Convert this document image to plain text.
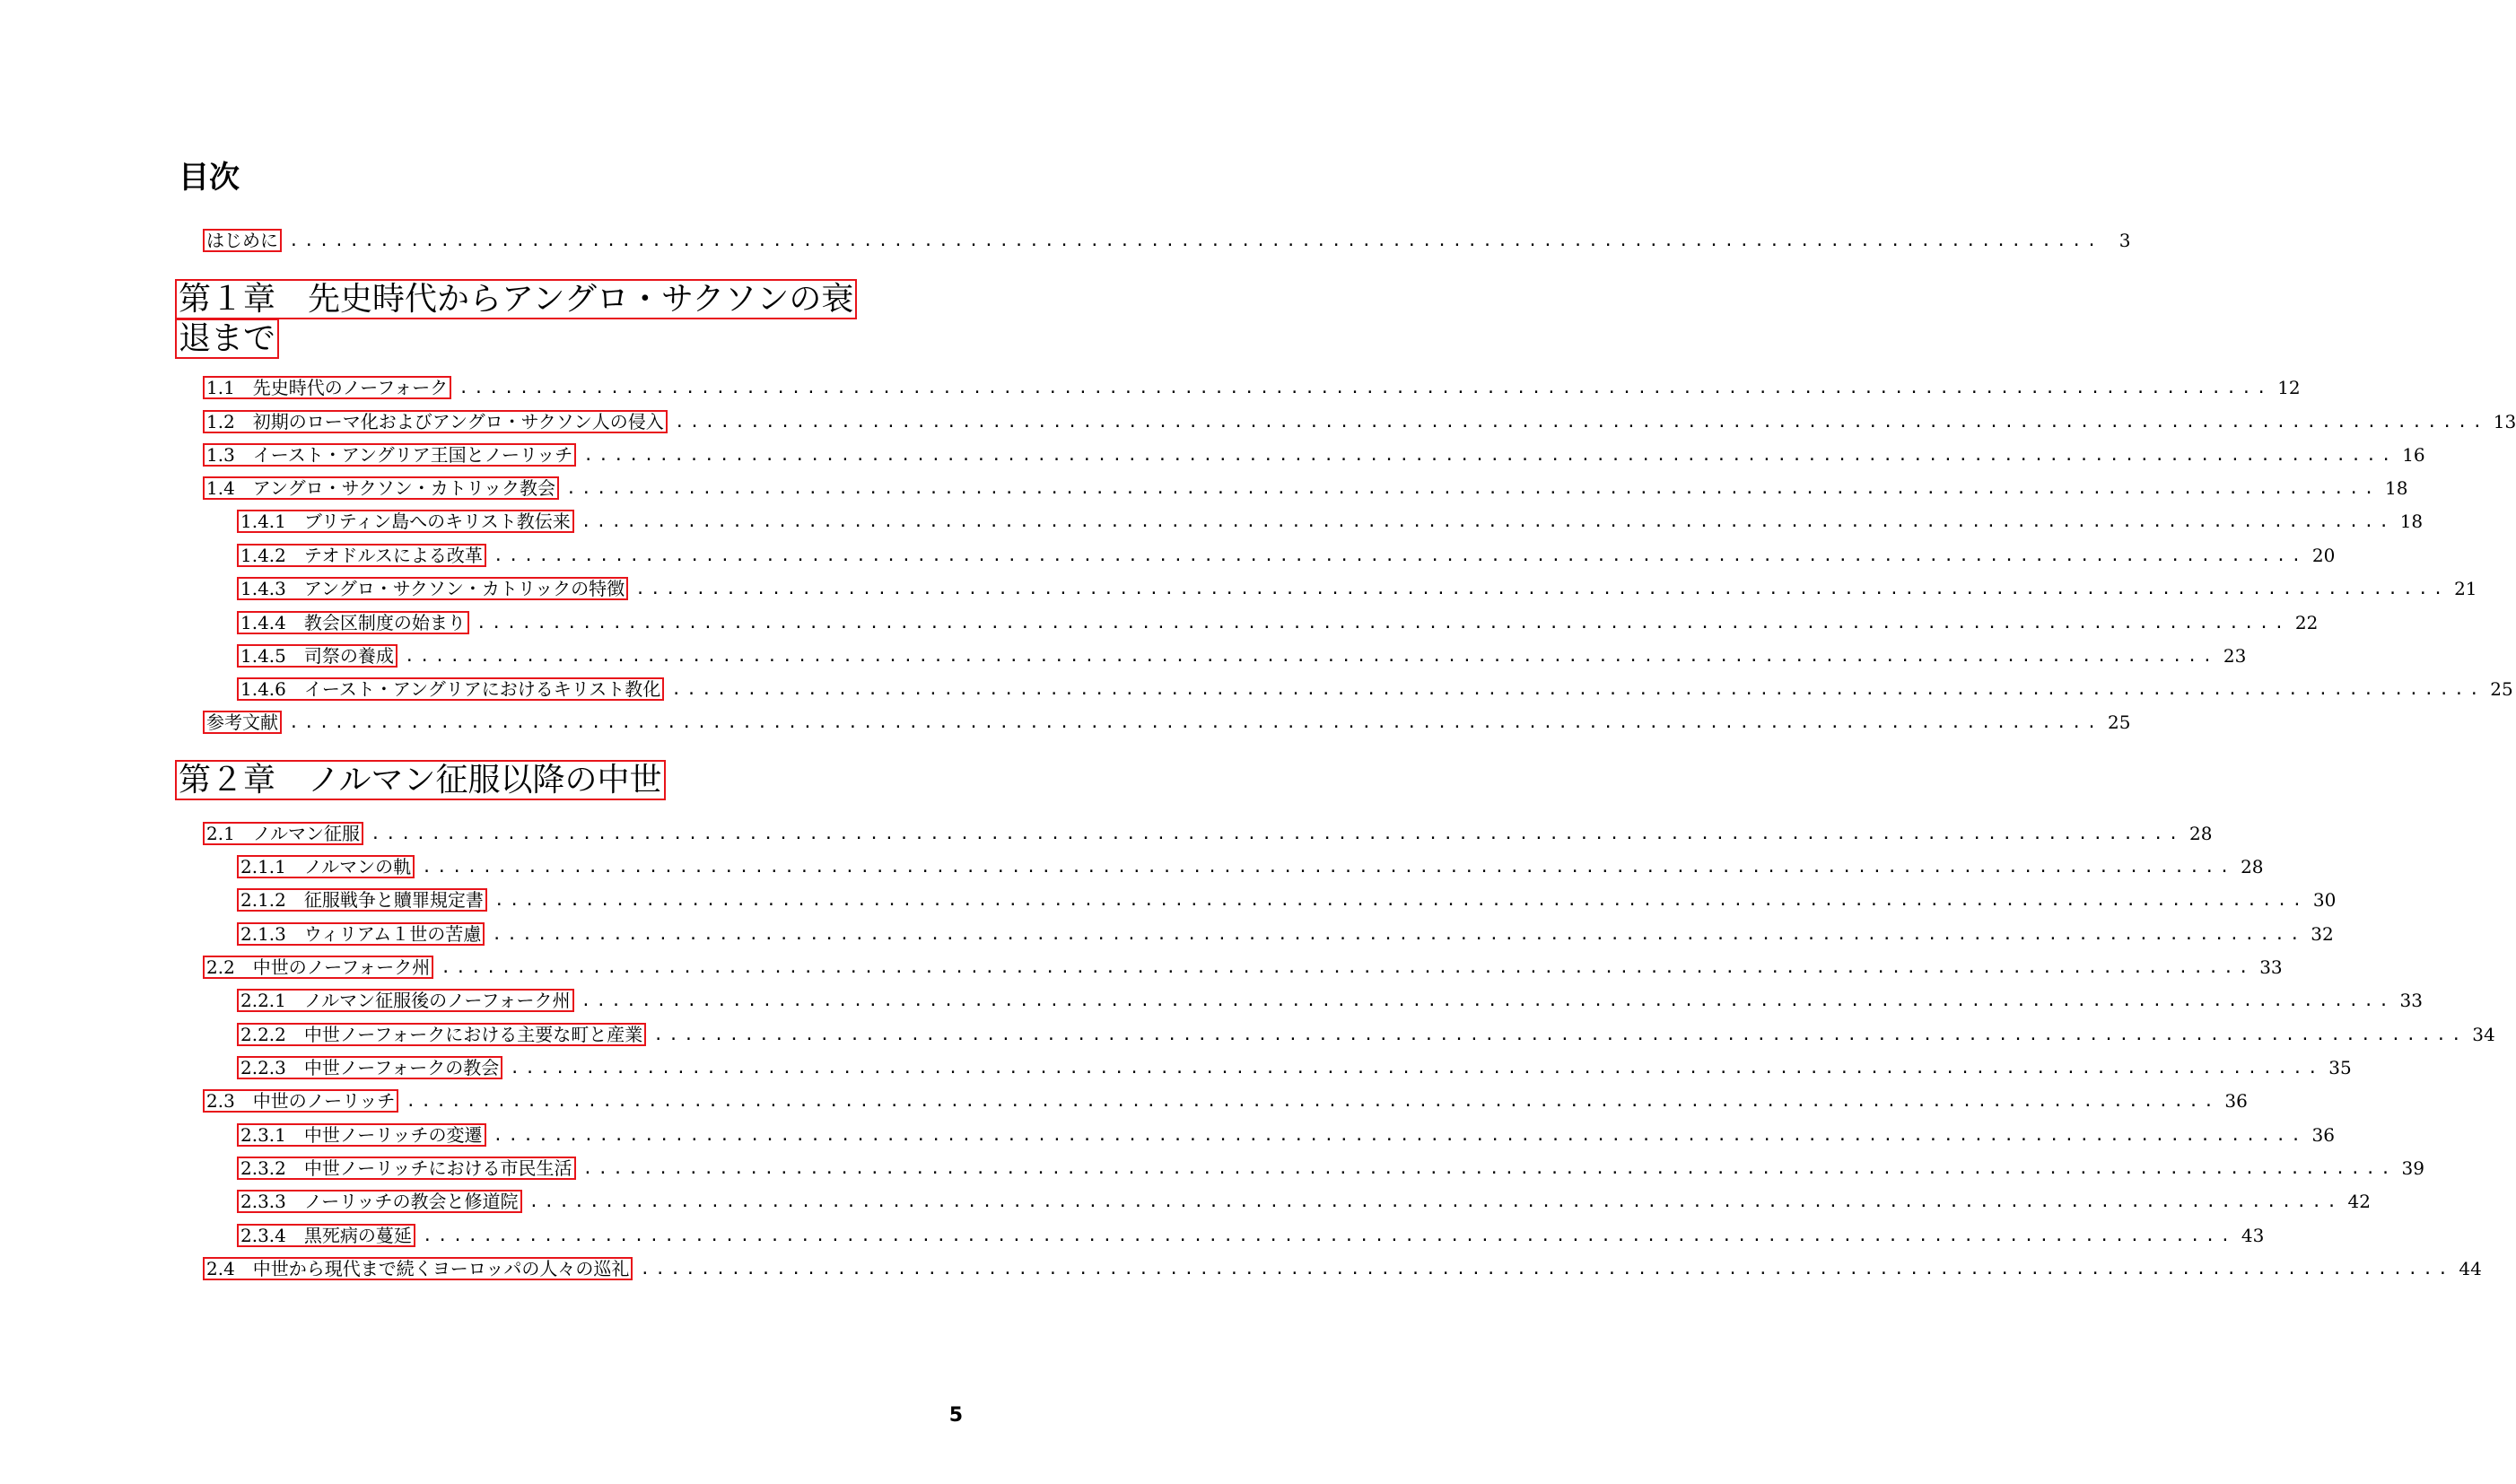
目次
はじめに ........................................................................................................................ 3
第１章　先史時代からアングロ・サクソンの衰
退まで
1.1　先史時代のノーフォーク ........................................................................................................................ 12
1.2　初期のローマ化およびアングロ・サクソン人の侵入 ........................................................................................................................ 13
1.3　イースト・アングリア王国とノーリッチ ........................................................................................................................ 16
1.4　アングロ・サクソン・カトリック教会 ........................................................................................................................ 18
1.4.1　ブリティン島へのキリスト教伝来 ........................................................................................................................ 18
1.4.2　テオドルスによる改革 ........................................................................................................................ 20
1.4.3　アングロ・サクソン・カトリックの特徴 ........................................................................................................................ 21
1.4.4　教会区制度の始まり ........................................................................................................................ 22
1.4.5　司祭の養成 ........................................................................................................................ 23
1.4.6　イースト・アングリアにおけるキリスト教化 ........................................................................................................................ 25
参考文献 ........................................................................................................................ 25
第２章　ノルマン征服以降の中世
2.1　ノルマン征服 ........................................................................................................................ 28
2.1.1　ノルマンの軌 ........................................................................................................................ 28
2.1.2　征服戦争と贖罪規定書 ........................................................................................................................ 30
2.1.3　ウィリアム１世の苦慮 ........................................................................................................................ 32
2.2　中世のノーフォーク州 ........................................................................................................................ 33
2.2.1　ノルマン征服後のノーフォーク州 ........................................................................................................................ 33
2.2.2　中世ノーフォークにおける主要な町と産業 ........................................................................................................................ 34
2.2.3　中世ノーフォークの教会 ........................................................................................................................ 35
2.3　中世のノーリッチ ........................................................................................................................ 36
2.3.1　中世ノーリッチの変遷 ........................................................................................................................ 36
2.3.2　中世ノーリッチにおける市民生活 ........................................................................................................................ 39
2.3.3　ノーリッチの教会と修道院 ........................................................................................................................ 42
2.3.4　黒死病の蔓延 ........................................................................................................................ 43
2.4　中世から現代まで続くヨーロッパの人々の巡礼 ........................................................................................................................ 44
5
